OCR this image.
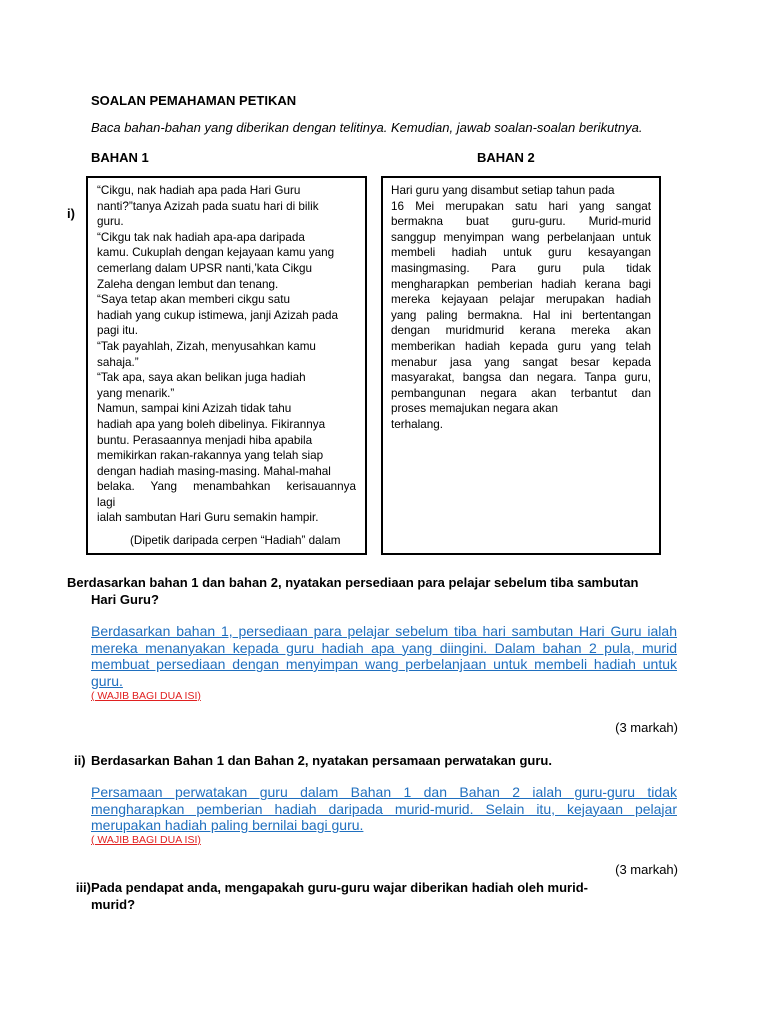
SOALAN PEMAHAMAN PETIKAN
Baca bahan-bahan yang diberikan dengan telitinya. Kemudian, jawab soalan-soalan berikutnya.
BAHAN 1	BAHAN 2
i)
“Cikgu, nak hadiah apa pada Hari Guru
nanti?”tanya Azizah pada suatu hari di bilik
guru.
“Cikgu tak nak hadiah apa-apa daripada
kamu. Cukuplah dengan kejayaan kamu yang
cemerlang dalam UPSR nanti,’kata Cikgu
Zaleha dengan lembut dan tenang.
“Saya tetap akan memberi cikgu satu
hadiah yang cukup istimewa, janji Azizah pada
pagi itu.
“Tak payahlah, Zizah, menyusahkan kamu
sahaja.”
“Tak apa, saya akan belikan juga hadiah
yang menarik.”
Namun, sampai kini Azizah tidak tahu
hadiah apa yang boleh dibelinya. Fikirannya
buntu. Perasaannya menjadi hiba apabila
memikirkan rakan-rakannya yang telah siap
dengan hadiah masing-masing. Mahal-mahal
belaka. Yang menambahkan kerisauannya
lagi
ialah sambutan Hari Guru semakin hampir.
(Dipetik daripada cerpen “Hadiah” dalam
Hari guru yang disambut setiap tahun pada
16 Mei merupakan satu hari yang sangat
bermakna buat guru-guru. Murid-murid
sanggup menyimpan wang perbelanjaan untuk
membeli hadiah untuk guru kesayangan
masingmasing. Para guru pula tidak
mengharapkan pemberian hadiah kerana bagi
mereka kejayaan pelajar merupakan hadiah
yang paling bermakna. Hal ini bertentangan
dengan muridmurid kerana mereka akan
memberikan hadiah kepada guru yang telah
menabur jasa yang sangat besar kepada
masyarakat, bangsa dan negara. Tanpa guru,
pembangunan negara akan terbantut dan
proses memajukan negara akan
terhalang.
Berdasarkan bahan 1 dan bahan 2, nyatakan persediaan para pelajar sebelum tiba sambutan
Hari Guru?
Berdasarkan bahan 1, persediaan para pelajar sebelum tiba hari sambutan Hari Guru ialah mereka menanyakan kepada guru hadiah apa yang diingini. Dalam bahan 2 pula, murid membuat persediaan dengan menyimpan wang perbelanjaan untuk membeli hadiah untuk guru.
( WAJIB BAGI DUA ISI)
(3 markah)
ii) Berdasarkan Bahan 1 dan Bahan 2, nyatakan persamaan perwatakan guru.
Persamaan perwatakan guru dalam Bahan 1 dan Bahan 2 ialah guru-guru tidak mengharapkan pemberian hadiah daripada murid-murid. Selain itu, kejayaan pelajar merupakan hadiah paling bernilai bagi guru.
( WAJIB BAGI DUA ISI)
(3 markah)
iii) Pada pendapat anda, mengapakah guru-guru wajar diberikan hadiah oleh murid-
murid?
